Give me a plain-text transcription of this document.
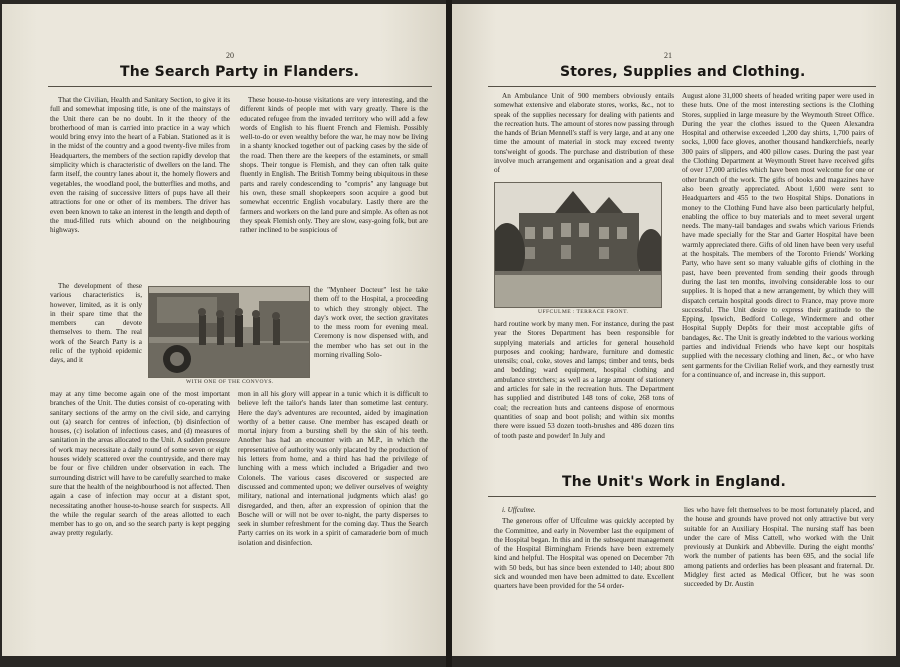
20
The Search Party in Flanders.

That the Civilian, Health and Sanitary Section, to give it its full and somewhat imposing title, is one of the mainstays of the Unit there can be no doubt. In it the theory of the brotherhood of man is carried into practice in a way which would bring envy into the heart of a Fabian. Stationed as it is in the midst of the country and a good twenty-five miles from Headquarters, the members of the section rapidly develop that simplicity which is characteristic of dwellers on the land. The farm itself, the country lanes about it, the homely flowers and vegetables, the woodland pool, the butterflies and moths, and even the raising of successive litters of pups have all their attractions for one or other of its members. The driver has even been known to take an interest in the length and depth of the mud-filled ruts which abound on the neighbouring highways.

The development of these various characteristics is, however, limited, as it is only in their spare time that the members can devote themselves to them. The real work of the Search Party is a relic of the typhoid epidemic days, and it

WITH ONE OF THE CONVOYS.

may at any time become again one of the most important branches of the Unit. The duties consist of co-operating with sanitary sections of the army on the civil side, and carrying out (a) search for centres of infection, (b) disinfection of houses, (c) isolation of infectious cases, and (d) measures of sanitation in the areas allocated to the Unit. A sudden pressure of work may necessitate a daily round of some seven or eight houses widely scattered over the countryside, and there may be four or five children under observation in each. The surrounding district will have to be carefully searched to make sure that the health of the neighbourhood is not affected. Then again a case of infection may occur at a distant spot, necessitating another house-to-house search for suspects. All the while the regular search of the areas allotted to each member has to go on, and so the search party is kept pegging away pretty regularly.

These house-to-house visitations are very interesting, and the different kinds of people met with vary greatly. There is the educated refugee from the invaded territory who will add a few words of English to his fluent French and Flemish. Possibly well-to-do or even wealthy before the war, he may now be living in a shanty knocked together out of packing cases by the side of the road. Then there are the keepers of the estaminets, or small shops. Their tongue is Flemish, and they can often talk quite fluently in English. The British Tommy being ubiquitous in these parts and rarely condescending to "compris" any language but his own, these small shopkeepers soon acquire a good but somewhat eccentric English vocabulary. Lastly there are the farmers and workers on the land pure and simple. As often as not they speak Flemish only. They are slow, easy-going folk, but are rather inclined to be suspicious of

the "Mynheer Docteur" lest he take them off to the Hospital, a proceeding to which they strongly object. The day's work over, the section gravitates to the mess room for evening meal. Ceremony is now dispensed with, and the member who has set out in the morning rivalling Solo-

mon in all his glory will appear in a tunic which it is difficult to believe left the tailor's hands later than sometime last century. Here the day's adventures are recounted, aided by imagination worthy of a better cause. One member has escaped death or mortal injury from a bursting shell by the skin of his teeth. Another has had an encounter with an M.P., in which the representative of authority was only placated by the production of his letters from home, and a third has had the privilege of lunching with a mess which included a Brigadier and two Colonels. The various cases discovered or suspected are discussed and commented upon; we deliver ourselves of weighty military, national and international judgments which alas! go disregarded, and then, after an expression of opinion that the Bosche will or will not be over to-night, the party disperses to seek in slumber refreshment for the coming day. Thus the Search Party carries on its work in a spirit of camaraderie born of much isolation and disinfection.

21
Stores, Supplies and Clothing.

An Ambulance Unit of 900 members obviously entails somewhat extensive and elaborate stores, works, &c., not to speak of the supplies necessary for dealing with patients and the recreation huts. The amount of stores now passing through the hands of Brian Mennell's staff is very large, and at any one time the amount of material in stock may exceed twenty tons'weight of goods. The purchase and distribution of these involve much arrangement and organisation and a great deal of

UFFCULME : TERRACE FRONT.

hard routine work by many men. For instance, during the past year the Stores Department has been responsible for supplying materials and articles for general household purposes and cooking; hardware, furniture and domestic utensils; coal, coke, stoves and lamps; timber and tents, beds and bedding; ward equipment, hospital clothing and ambulance stretchers; as well as a large amount of stationery and articles for sale in the recreation huts. The Department has supplied and distributed 148 tons of coke, 268 tons of coal; the recreation huts and canteens dispose of enormous quantities of soap and boot polish; and within six months there were issued 53 dozen tooth-brushes and 486 dozen tins of tooth paste and powder! In July and

August alone 31,000 sheets of headed writing paper were used in these huts. One of the most interesting sections is the Clothing Stores, supplied in large measure by the Weymouth Street Office. During the year the clothes issued to the Queen Alexandra Hospital and otherwise exceeded 1,200 day shirts, 1,700 pairs of socks, 1,000 face gloves, another thousand handkerchiefs, nearly 300 pairs of slippers, and 400 pillow cases. During the past year the Clothing Department at Weymouth Street have received gifts of over 17,000 articles which have been most welcome for one or other branch of the work. The gifts of books and magazines have also been greatly appreciated. About 1,600 were sent to Headquarters and 455 to the two Hospital Ships. Donations in money to the Clothing Fund have also been particularly helpful, enabling the office to buy materials and to meet several urgent needs. The many-tail bandages and swabs which various Friends have made specially for the Star and Garter Hospital have been warmly appreciated there. Gifts of old linen have been very useful at the hospitals. The members of the Toronto Friends' Working Party, who have sent so many valuable gifts of clothing in the past, have been prevented from sending their goods through during the last ten months, involving considerable loss to our supplies. It is hoped that a new arrangement, by which they will dispatch certain hospital goods direct to France, may prove more successful. The Unit desire to express their gratitude to the Epping, Ipswich, Bedford College, Windermere and other Hospital Supply Depôts for their most acceptable gifts of bandages, &c. The Unit is greatly indebted to the various working parties and individual Friends who have kept our hospitals supplied with the necessary clothing and linen, &c., or who have sent garments for the Civilian Relief work, and they earnestly trust for a continuance of, and increase in, this support.

The Unit's Work in England.
i. Uffculme.

The generous offer of Uffculme was quickly accepted by the Committee, and early in November last the equipment of the Hospital began. In this and in the subsequent management of the Hospital Birmingham Friends have been extremely kind and helpful. The Hospital was opened on December 7th with 50 beds, but has since been extended to 140; about 800 sick and wounded men have been admitted to date. Excellent quarters have been provided for the 54 order-

lies who have felt themselves to be most fortunately placed, and the house and grounds have proved not only attractive but very suitable for an Auxiliary Hospital. The nursing staff has been under the care of Miss Cattell, who worked with the Unit previously at Dunkirk and Abbeville. During the eight months' work the number of patients has been 695, and the social life among patients and orderlies has been pleasant and fraternal. Dr. Midgley first acted as Medical Officer, but he was soon succeeded by Dr. Austin
